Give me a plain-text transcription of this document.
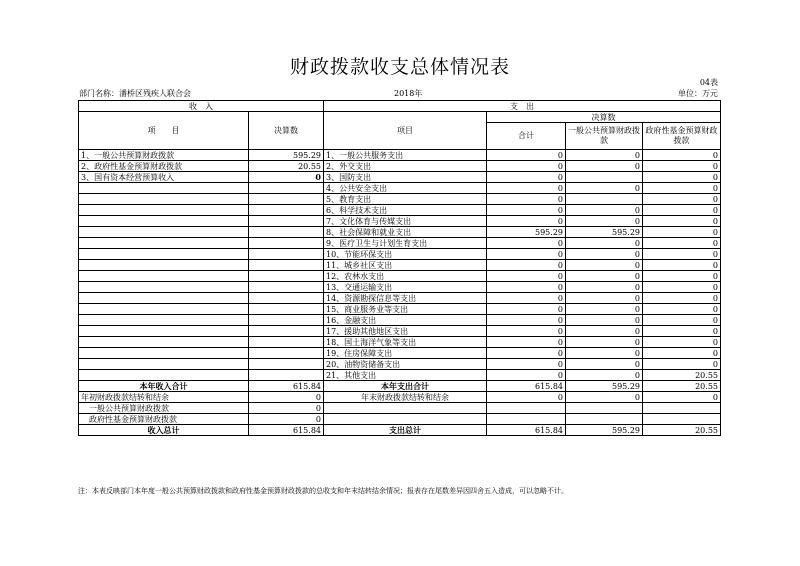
财政拨款收支总体情况表
04表
部门名称：潘桥区残疾人联合会	2018年	单位：万元
收　入		支　出			
项　　目	决算数	项目	决算数		
			合计	一般公共预算财政拨款	政府性基金预算财政拨款
1、一般公共预算财政拨款	595.29	1、一般公共服务支出	0	0	0
2、政府性基金预算财政拨款	20.55	2、外交支出	0	0	0
3、国有资本经营预算收入	0	3、国防支出	0		0
		4、公共安全支出	0	0	0
		5、教育支出	0		0
		6、科学技术支出	0	0	0
		7、文化体育与传媒支出	0	0	0
		8、社会保障和就业支出	595.29	595.29	0
		9、医疗卫生与计划生育支出	0	0	0
		10、节能环保支出	0	0	0
		11、城乡社区支出	0	0	0
		12、农林水支出	0	0	0
		13、交通运输支出	0	0	0
		14、资源勘探信息等支出	0	0	0
		15、商业服务业等支出	0	0	0
		16、金融支出	0	0	0
		17、援助其他地区支出	0	0	0
		18、国土海洋气象等支出	0	0	0
		19、住房保障支出	0	0	0
		20、油物资储备支出	0	0	0
		21、其他支出	0	0	20.55
本年收入合计	615.84	本年支出合计	615.84	595.29	20.55
年初财政拨款结转和结余	0	年末财政拨款结转和结余	0	0	0
一般公共预算财政拨款	0				
政府性基金预算财政拨款	0				
收入总计	615.84	支出总计	615.84	595.29	20.55
注：本表反映部门本年度一般公共预算财政拨款和政府性基金预算财政拨款的总收支和年末结转结余情况；报表存在尾数差异因四舍五入造成，可以忽略不计。
